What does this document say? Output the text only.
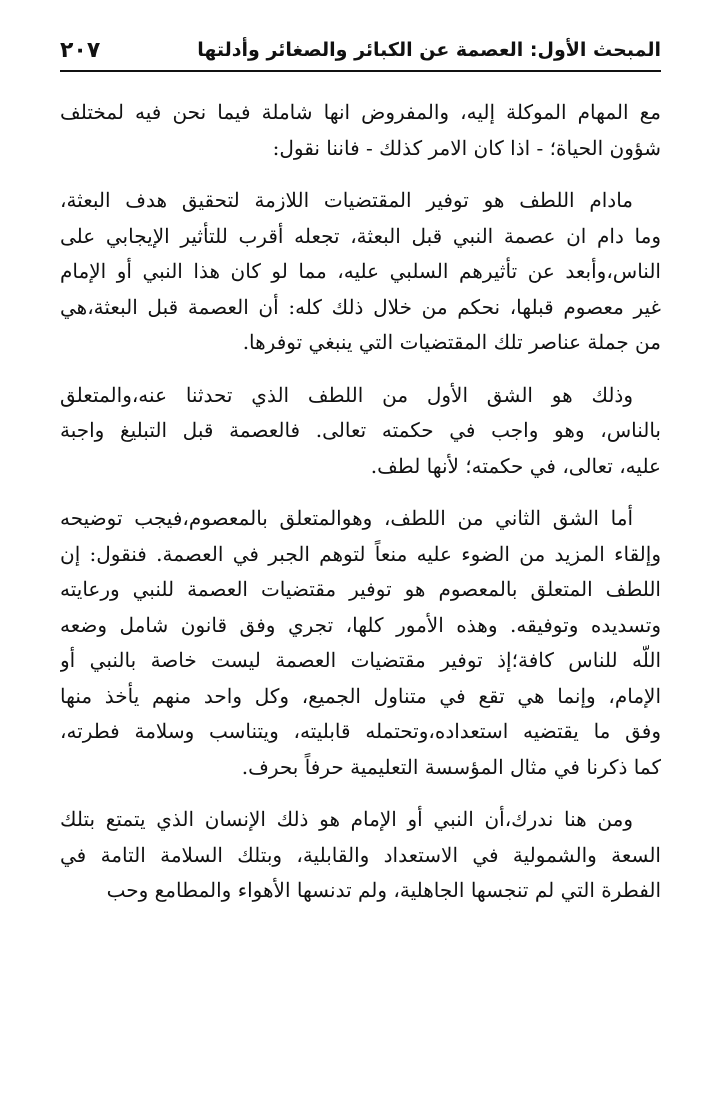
المبحث الأول: العصمة عن الكبائر والصغائر وأدلتها
٢٠٧
مع المهام الموكلة إليه، والمفروض انها شاملة فيما نحن فيه لمختلف
شؤون الحياة؛ - اذا كان الامر كذلك - فاننا نقول:
مادام اللطف هو توفير المقتضيات اللازمة لتحقيق هدف البعثة،
وما دام ان عصمة النبي قبل البعثة، تجعله أقرب للتأثير الإيجابي على
الناس،وأبعد عن تأثيرهم السلبي عليه، مما لو كان هذا النبي أو الإمام
غير معصوم قبلها، نحكم من خلال ذلك كله: أن العصمة قبل البعثة،هي
من جملة عناصر تلك المقتضيات التي ينبغي توفرها.
وذلك هو الشق الأول من اللطف الذي تحدثنا عنه،والمتعلق
بالناس، وهو واجب في حكمته تعالى. فالعصمة قبل التبليغ واجبة
عليه، تعالى، في حكمته؛ لأنها لطف.
أما الشق الثاني من اللطف، وهوالمتعلق بالمعصوم،فيجب توضيحه
وإلقاء المزيد من الضوء عليه منعاً لتوهم الجبر في العصمة. فنقول: إن
اللطف المتعلق بالمعصوم هو توفير مقتضيات العصمة للنبي ورعايته
وتسديده وتوفيقه. وهذه الأمور كلها، تجري وفق قانون شامل وضعه
اللّه للناس كافة؛إذ توفير مقتضيات العصمة ليست خاصة بالنبي أو
الإمام، وإنما هي تقع في متناول الجميع، وكل واحد منهم يأخذ منها
وفق ما يقتضيه استعداده،وتحتمله قابليته، ويتناسب وسلامة فطرته،
كما ذكرنا في مثال المؤسسة التعليمية حرفاً بحرف.
ومن هنا ندرك،أن النبي أو الإمام هو ذلك الإنسان الذي يتمتع بتلك
السعة والشمولية في الاستعداد والقابلية، وبتلك السلامة التامة في
الفطرة التي لم تنجسها الجاهلية، ولم تدنسها الأهواء والمطامع وحب
